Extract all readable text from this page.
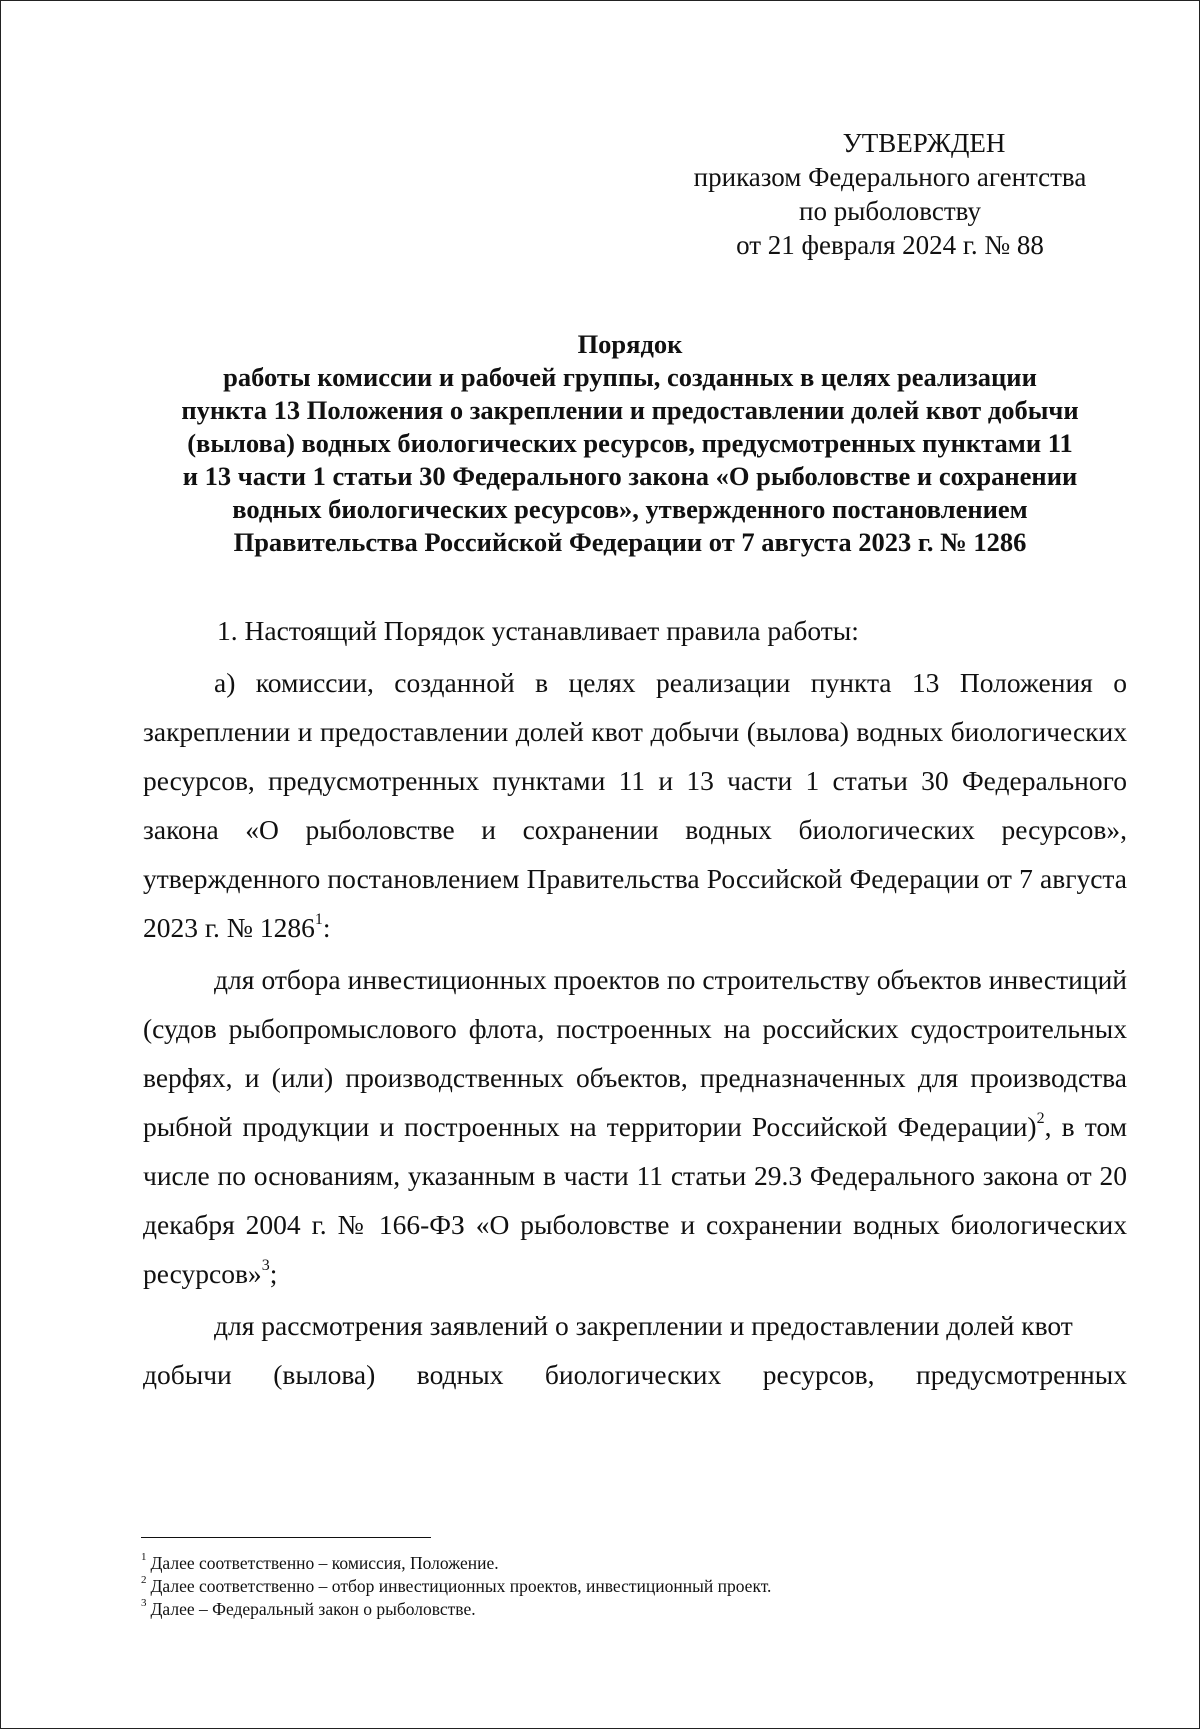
УТВЕРЖДЕН
приказом Федерального агентства
по рыболовству
от 21 февраля 2024 г. № 88
Порядок
работы комиссии и рабочей группы, созданных в целях реализации
пункта 13 Положения о закреплении и предоставлении долей квот добычи
(вылова) водных биологических ресурсов, предусмотренных пунктами 11
и 13 части 1 статьи 30 Федерального закона «О рыболовстве и сохранении
водных биологических ресурсов», утвержденного постановлением
Правительства Российской Федерации от 7 августа 2023 г. № 1286

1. Настоящий Порядок устанавливает правила работы:

а) комиссии, созданной в целях реализации пункта 13 Положения о закреплении и предоставлении долей квот добычи (вылова) водных биологических ресурсов, предусмотренных пунктами 11 и 13 части 1 статьи 30 Федерального закона «О рыболовстве и сохранении водных биологических ресурсов», утвержденного постановлением Правительства Российской Федерации от 7 августа 2023 г. № 1286$^1$:

для отбора инвестиционных проектов по строительству объектов инвестиций (судов рыбопромыслового флота, построенных на российских судостроительных верфях, и (или) производственных объектов, предназначенных для производства рыбной продукции и построенных на территории Российской Федерации)$^2$, в том числе по основаниям, указанным в части 11 статьи 29.3 Федерального закона от 20 декабря 2004 г. № 166-ФЗ «О рыболовстве и сохранении водных биологических ресурсов»$^3$;

для рассмотрения заявлений о закреплении и предоставлении долей квот

добычи (вылова) водных биологических ресурсов, предусмотренных

$^1$ Далее соответственно – комиссия, Положение.
$^2$ Далее соответственно – отбор инвестиционных проектов, инвестиционный проект.
$^3$ Далее – Федеральный закон о рыболовстве.
